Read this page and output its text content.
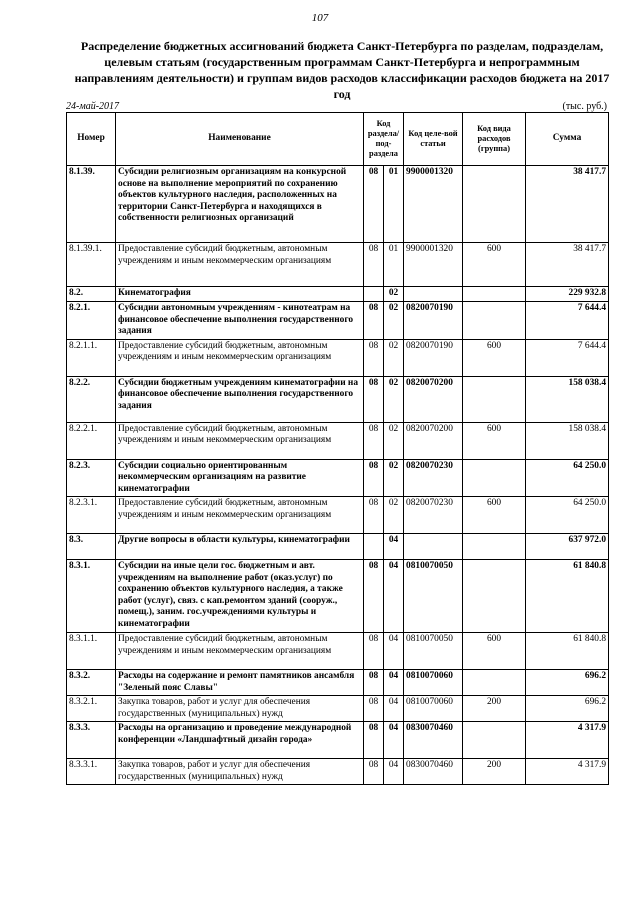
107
Распределение бюджетных ассигнований бюджета Санкт-Петербурга по разделам, подразделам, целевым статьям (государственным программам Санкт-Петербурга и непрограммным направлениям деятельности) и группам видов расходов классификации расходов бюджета на 2017 год
24-май-2017	(тыс. руб.)
Номер	Наименование	Код раздела/ под-раздела		Код целе-вой статьи	Код вида расходов (группа)	Сумма
8.1.39.	Субсидии религиозным организациям на конкурсной основе на выполнение мероприятий по сохранению объектов культурного наследия, расположенных на территории Санкт-Петербурга и находящихся в собственности религиозных организаций	08	01	9900001320		38 417.7
8.1.39.1.	Предоставление субсидий бюджетным, автономным учреждениям и иным некоммерческим организациям	08	01	9900001320	600	38 417.7
8.2.	Кинематография		02			229 932.8
8.2.1.	Субсидии автономным учреждениям - кинотеатрам на финансовое обеспечение выполнения государственного задания	08	02	0820070190		7 644.4
8.2.1.1.	Предоставление субсидий бюджетным, автономным учреждениям и иным некоммерческим организациям	08	02	0820070190	600	7 644.4
8.2.2.	Субсидии бюджетным учреждениям кинематографии на финансовое обеспечение выполнения государственного задания	08	02	0820070200		158 038.4
8.2.2.1.	Предоставление субсидий бюджетным, автономным учреждениям и иным некоммерческим организациям	08	02	0820070200	600	158 038.4
8.2.3.	Субсидии социально ориентированным некоммерческим организациям на развитие кинематографии	08	02	0820070230		64 250.0
8.2.3.1.	Предоставление субсидий бюджетным, автономным учреждениям и иным некоммерческим организациям	08	02	0820070230	600	64 250.0
8.3.	Другие вопросы в области культуры, кинематографии		04			637 972.0
8.3.1.	Субсидии на иные цели гос. бюджетным и авт. учреждениям на выполнение работ (оказ.услуг) по сохранению объектов культурного наследия, а также работ (услуг), связ. с кап.ремонтом зданий (сооруж., помещ.), заним. гос.учреждениями культуры и кинематографии	08	04	0810070050		61 840.8
8.3.1.1.	Предоставление субсидий бюджетным, автономным учреждениям и иным некоммерческим организациям	08	04	0810070050	600	61 840.8
8.3.2.	Расходы на содержание и ремонт памятников ансамбля "Зеленый пояс Славы"	08	04	0810070060		696.2
8.3.2.1.	Закупка товаров, работ и услуг для обеспечения государственных (муниципальных) нужд	08	04	0810070060	200	696.2
8.3.3.	Расходы на организацию и проведение международной конференции «Ландшафтный дизайн города»	08	04	0830070460		4 317.9
8.3.3.1.	Закупка товаров, работ и услуг для обеспечения государственных (муниципальных) нужд	08	04	0830070460	200	4 317.9
